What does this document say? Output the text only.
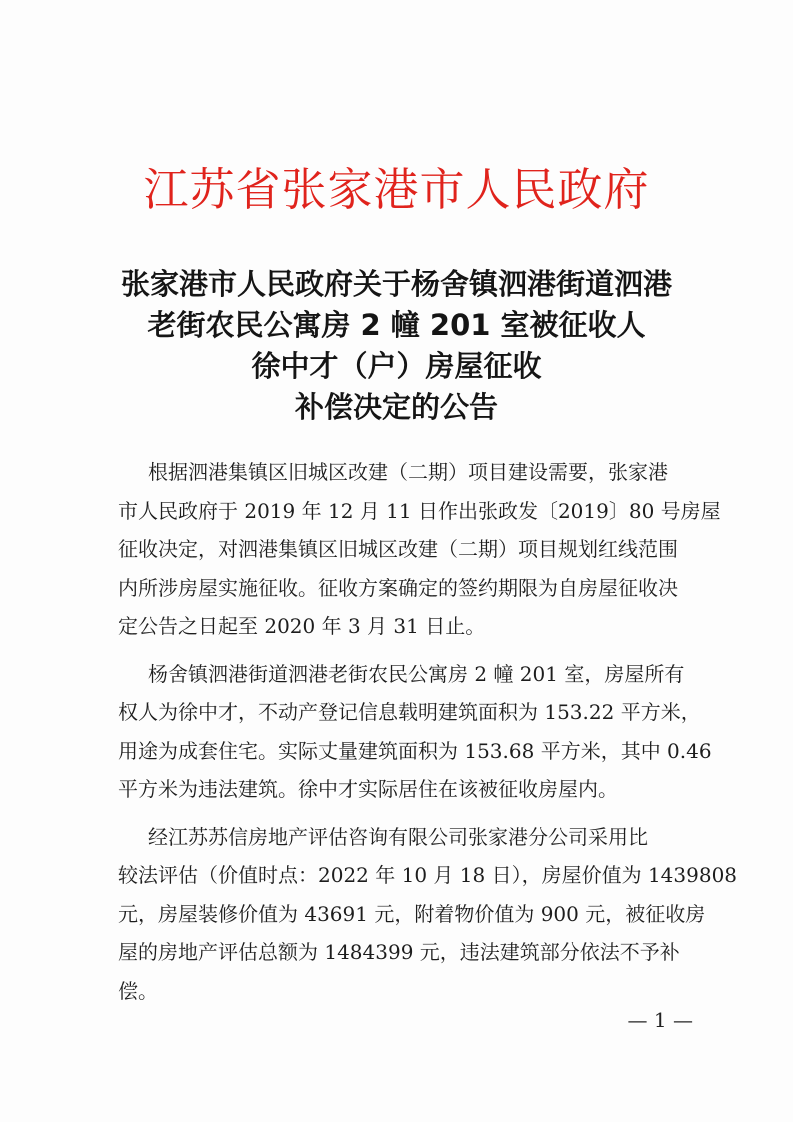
江苏省张家港市人民政府
张家港市人民政府关于杨舍镇泗港街道泗港
老街农民公寓房 2 幢 201 室被征收人
徐中才（户）房屋征收
补偿决定的公告
根据泗港集镇区旧城区改建（二期）项目建设需要，张家港
市人民政府于 2019 年 12 月 11 日作出张政发〔2019〕80 号房屋
征收决定，对泗港集镇区旧城区改建（二期）项目规划红线范围
内所涉房屋实施征收。征收方案确定的签约期限为自房屋征收决
定公告之日起至 2020 年 3 月 31 日止。
杨舍镇泗港街道泗港老街农民公寓房 2 幢 201 室，房屋所有
权人为徐中才，不动产登记信息载明建筑面积为 153.22 平方米，
用途为成套住宅。实际丈量建筑面积为 153.68 平方米，其中 0.46
平方米为违法建筑。徐中才实际居住在该被征收房屋内。
经江苏苏信房地产评估咨询有限公司张家港分公司采用比
较法评估（价值时点：2022 年 10 月 18 日），房屋价值为 1439808
元，房屋装修价值为 43691 元，附着物价值为 900 元，被征收房
屋的房地产评估总额为 1484399 元，违法建筑部分依法不予补
偿。
— 1 —
